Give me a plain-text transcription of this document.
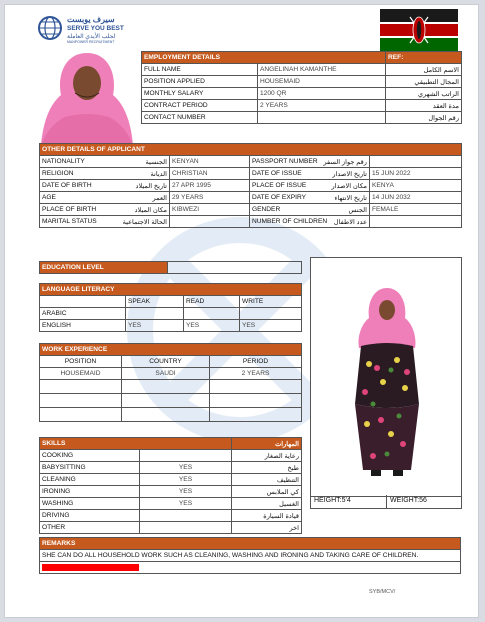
سيرف يوبست
SERVE YOU BEST
لجلب الأيدي العاملة
MANPOWER RECRUITMENT
EMPLOYMENT DETAILS		REF:
FULL NAME	ANGELINAH KAMANTHE	الاسم الكامل
POSITION APPLIED	HOUSEMAID	المجال التطبيقي
MONTHLY SALARY	1200 QR	الراتب الشهري
CONTRACT PERIOD	2 YEARS	مدة العقد
CONTACT NUMBER		رقم الجوال
OTHER DETAILS OF APPLICANT			
NATIONALITY الجنسية	KENYAN	PASSPORT NUMBER رقم جواز السفر	

RELIGION الديانة	CHRISTIAN	DATE OF ISSUE تاريخ الاصدار	15 JUN 2022
DATE OF BIRTH تاريخ الميلاد	27 APR 1995	PLACE OF ISSUE مكان الاصدار	KENYA
AGE العمر	29 YEARS	DATE OF EXPIRY تاريخ الانتهاء	14 JUN 2032
PLACE OF BIRTH مكان الميلاد	KIBWEZI	GENDER الجنس	FEMALE
MARITAL STATUS الحالة الاجتماعية		NUMBER OF CHILDREN عدد الاطفال	

EDUCATION LEVEL	
LANGUAGE LITERACY			
	SPEAK	READ	WRITE
ARABIC			
ENGLISH	YES	YES	YES
WORK EXPERIENCE		
POSITION	COUNTRY	PERIOD
HOUSEMAID	SAUDI	2 YEARS

SKILLS		المهارات
COOKING		رعاية الصغار
BABYSITTING	YES	طبخ
CLEANING	YES	التنظيف
IRONING	YES	كي الملابس
WASHING	YES	الغسيل
DRIVING		قيادة السيارة
OTHER		اخر
HEIGHT:5'4	WEIGHT:56
REMARKS
SHE CAN DO ALL HOUSEHOLD WORK SUCH AS CLEANING, WASHING AND IRONING AND TAKING CARE OF CHILDREN.
SHE CAN COOK ARABIC FOOD
SYB/MCV/
